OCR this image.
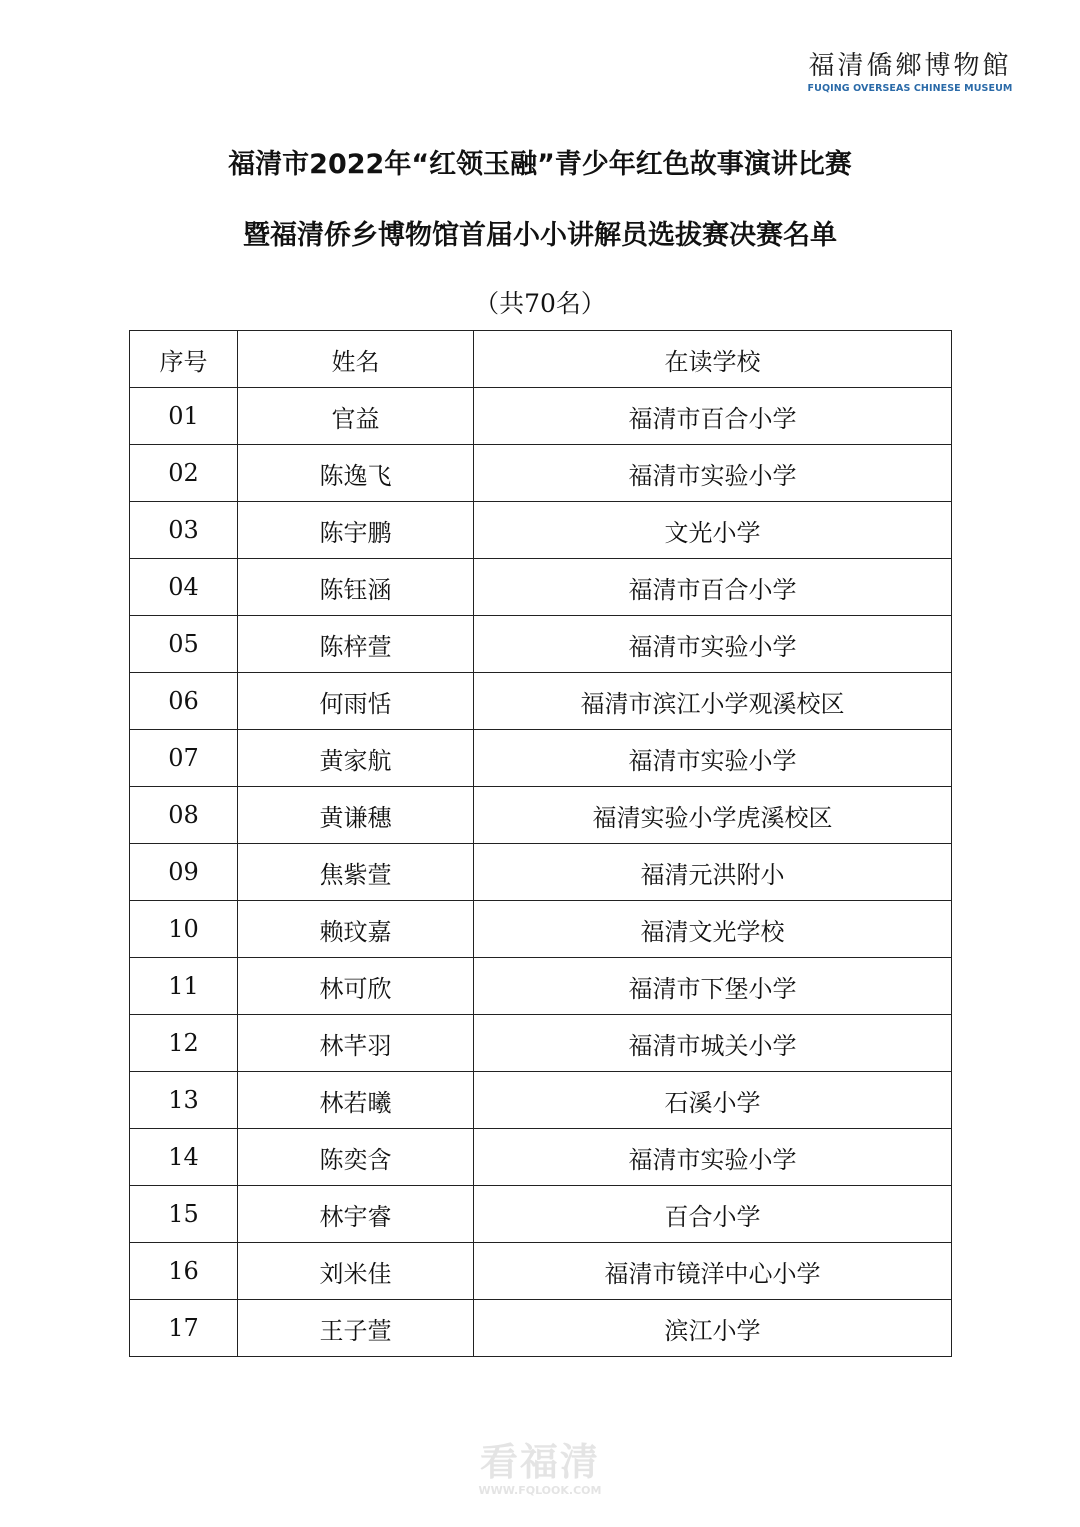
福清僑鄉博物館
FUQING OVERSEAS CHINESE MUSEUM
福清市2022年“红领玉融”青少年红色故事演讲比赛
暨福清侨乡博物馆首届小小讲解员选拔赛决赛名单
（共70名）
序号	姓名	在读学校
01	官益	福清市百合小学
02	陈逸飞	福清市实验小学
03	陈宇鹏	文光小学
04	陈钰涵	福清市百合小学
05	陈梓萱	福清市实验小学
06	何雨恬	福清市滨江小学观溪校区
07	黄家航	福清市实验小学
08	黄谦穗	福清实验小学虎溪校区
09	焦紫萱	福清元洪附小
10	赖玟嘉	福清文光学校
11	林可欣	福清市下堡小学
12	林芊羽	福清市城关小学
13	林若曦	石溪小学
14	陈奕含	福清市实验小学
15	林宇睿	百合小学
16	刘米佳	福清市镜洋中心小学
17	王子萱	滨江小学
看福清
WWW.FQLOOK.COM
